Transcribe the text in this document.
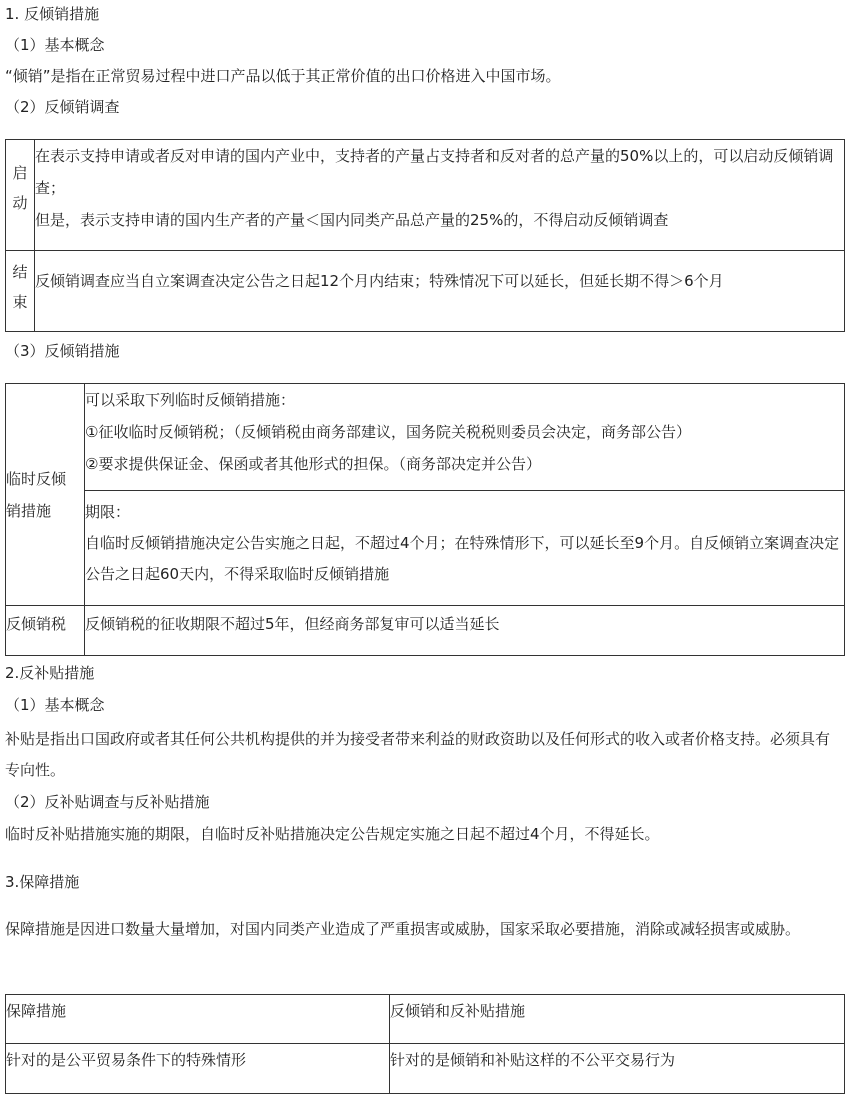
1. 反倾销措施
（1）基本概念
“倾销”是指在正常贸易过程中进口产品以低于其正常价值的出口价格进入中国市场。
（2）反倾销调查
启动	在表示支持申请或者反对申请的国内产业中，支持者的产量占支持者和反对者的总产量的50%以上的，可以启动反倾销调查；
但是，表示支持申请的国内生产者的产量＜国内同类产品总产量的25%的，不得启动反倾销调查

结束	反倾销调查应当自立案调查决定公告之日起12个月内结束；特殊情况下可以延长，但延长期不得＞6个月
（3）反倾销措施
临时反倾销措施	可以采取下列临时反倾销措施：
①征收临时反倾销税；（反倾销税由商务部建议，国务院关税税则委员会决定，商务部公告）
②要求提供保证金、保函或者其他形式的担保。（商务部决定并公告）

	期限：
自临时反倾销措施决定公告实施之日起，不超过4个月；在特殊情形下，可以延长至9个月。自反倾销立案调查决定公告之日起60天内，不得采取临时反倾销措施

反倾销税	反倾销税的征收期限不超过5年，但经商务部复审可以适当延长
2.反补贴措施
（1）基本概念
补贴是指出口国政府或者其任何公共机构提供的并为接受者带来利益的财政资助以及任何形式的收入或者价格支持。必须具有专向性。
（2）反补贴调查与反补贴措施
临时反补贴措施实施的期限，自临时反补贴措施决定公告规定实施之日起不超过4个月，不得延长。
3.保障措施
保障措施是因进口数量大量增加，对国内同类产业造成了严重损害或威胁，国家采取必要措施，消除或减轻损害或威胁。
保障措施	反倾销和反补贴措施
针对的是公平贸易条件下的特殊情形	针对的是倾销和补贴这样的不公平交易行为
